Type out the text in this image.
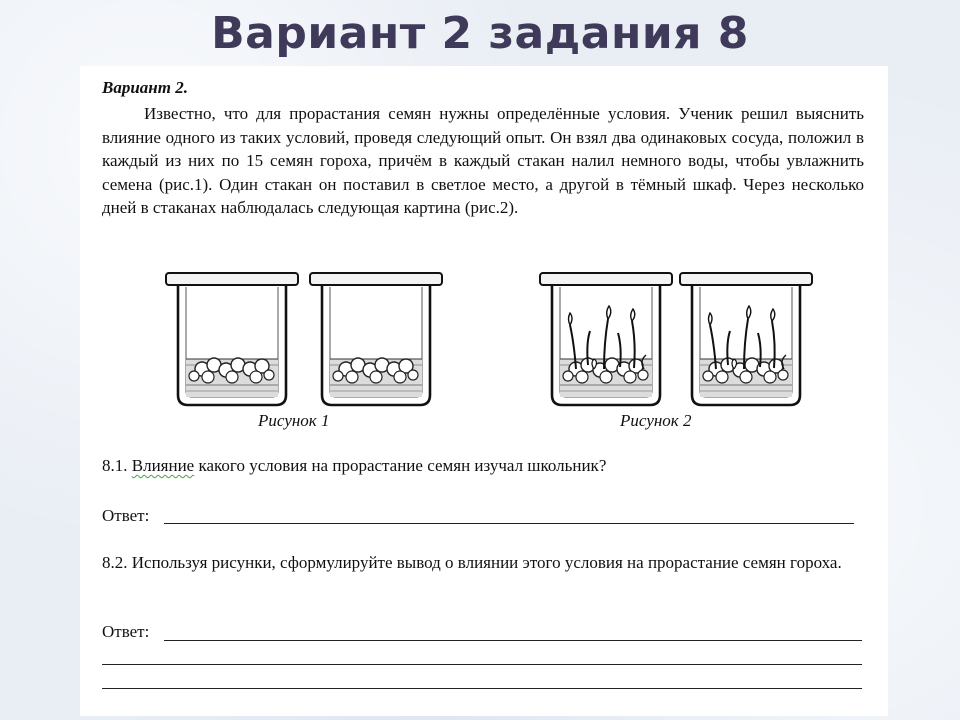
Вариант 2 задания 8
Вариант 2.

Известно, что для прорастания семян нужны определённые условия. Ученик решил выяснить влияние одного из таких условий, проведя следующий опыт. Он взял два одинаковых сосуда, положил в каждый из них по 15 семян гороха, причём в каждый стакан налил немного воды, чтобы увлажнить семена (рис.1). Один стакан он поставил в светлое место, а другой в тёмный шкаф. Через несколько дней в стаканах наблюдалась следующая картина (рис.2).

Рисунок 1	Рисунок 2
8.1. Влияние какого условия на прорастание семян изучал школьник?
Ответ:

8.2. Используя рисунки, сформулируйте вывод о влиянии этого условия на прорастание семян гороха.

Ответ:
